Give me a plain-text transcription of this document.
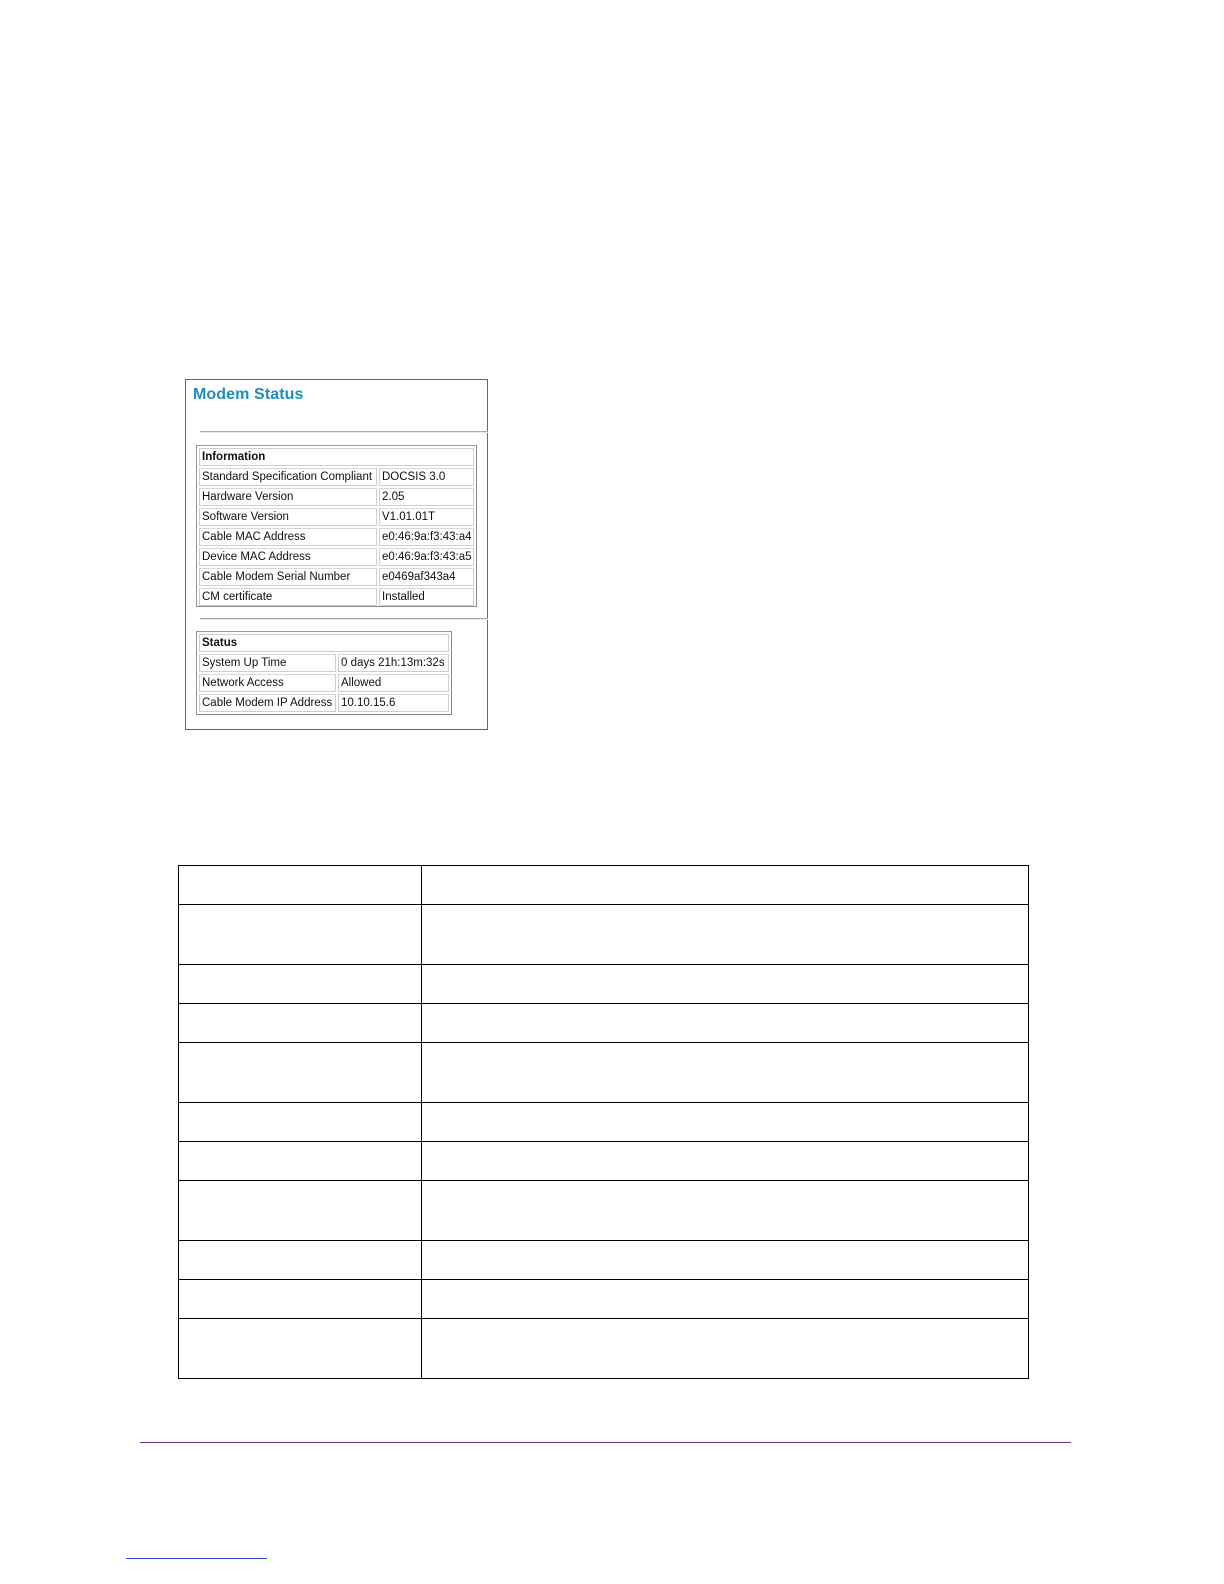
Modem Status
Information
Standard Specification Compliant DOCSIS 3.0
Hardware Version	2.05
Software Version	V1.01.01T
Cable MAC Address	e0:46:9a:f3:43:a4
Device MAC Address	e0:46:9a:f3:43:a5
Cable Modem Serial Number	e0469af343a4
CM certificate	Installed
Status
System Up Time	0 days 21h:13m:32s
Network Access	Allowed
Cable Modem IP Address 10.10.15.6
